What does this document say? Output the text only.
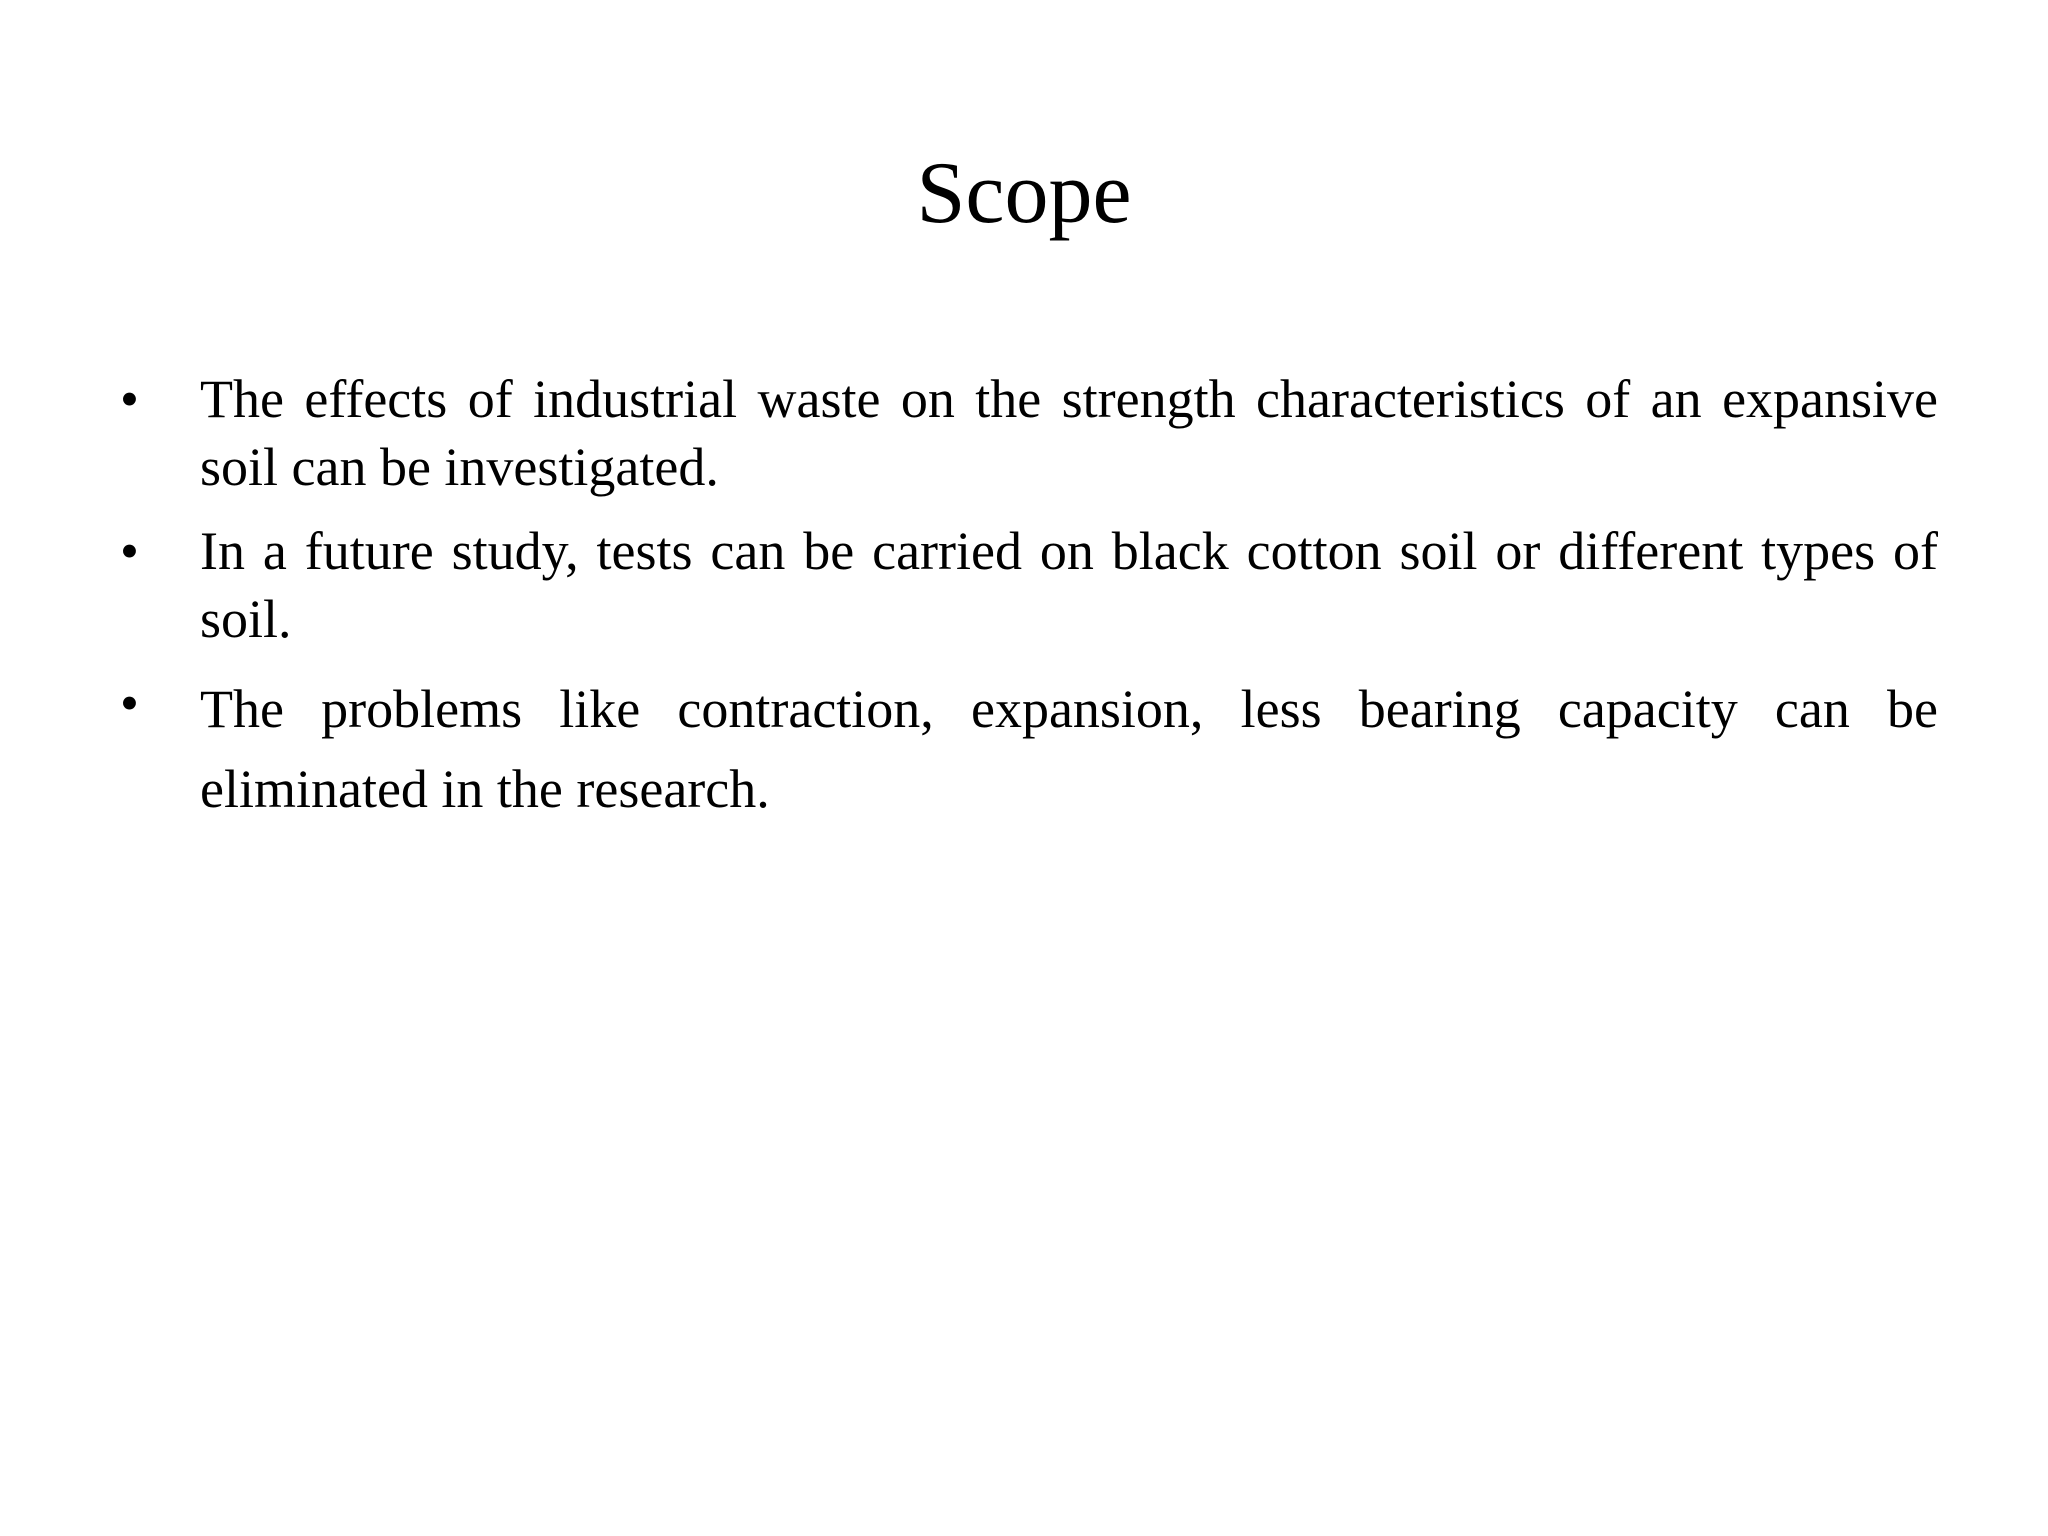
Scope
•	The effects of industrial waste on the strength characteristics of an expansive soil can be investigated.
•	In a future study, tests can be carried on black cotton soil or different types of soil.
•	The problems like contraction, expansion, less bearing capacity can be eliminated in the research.
